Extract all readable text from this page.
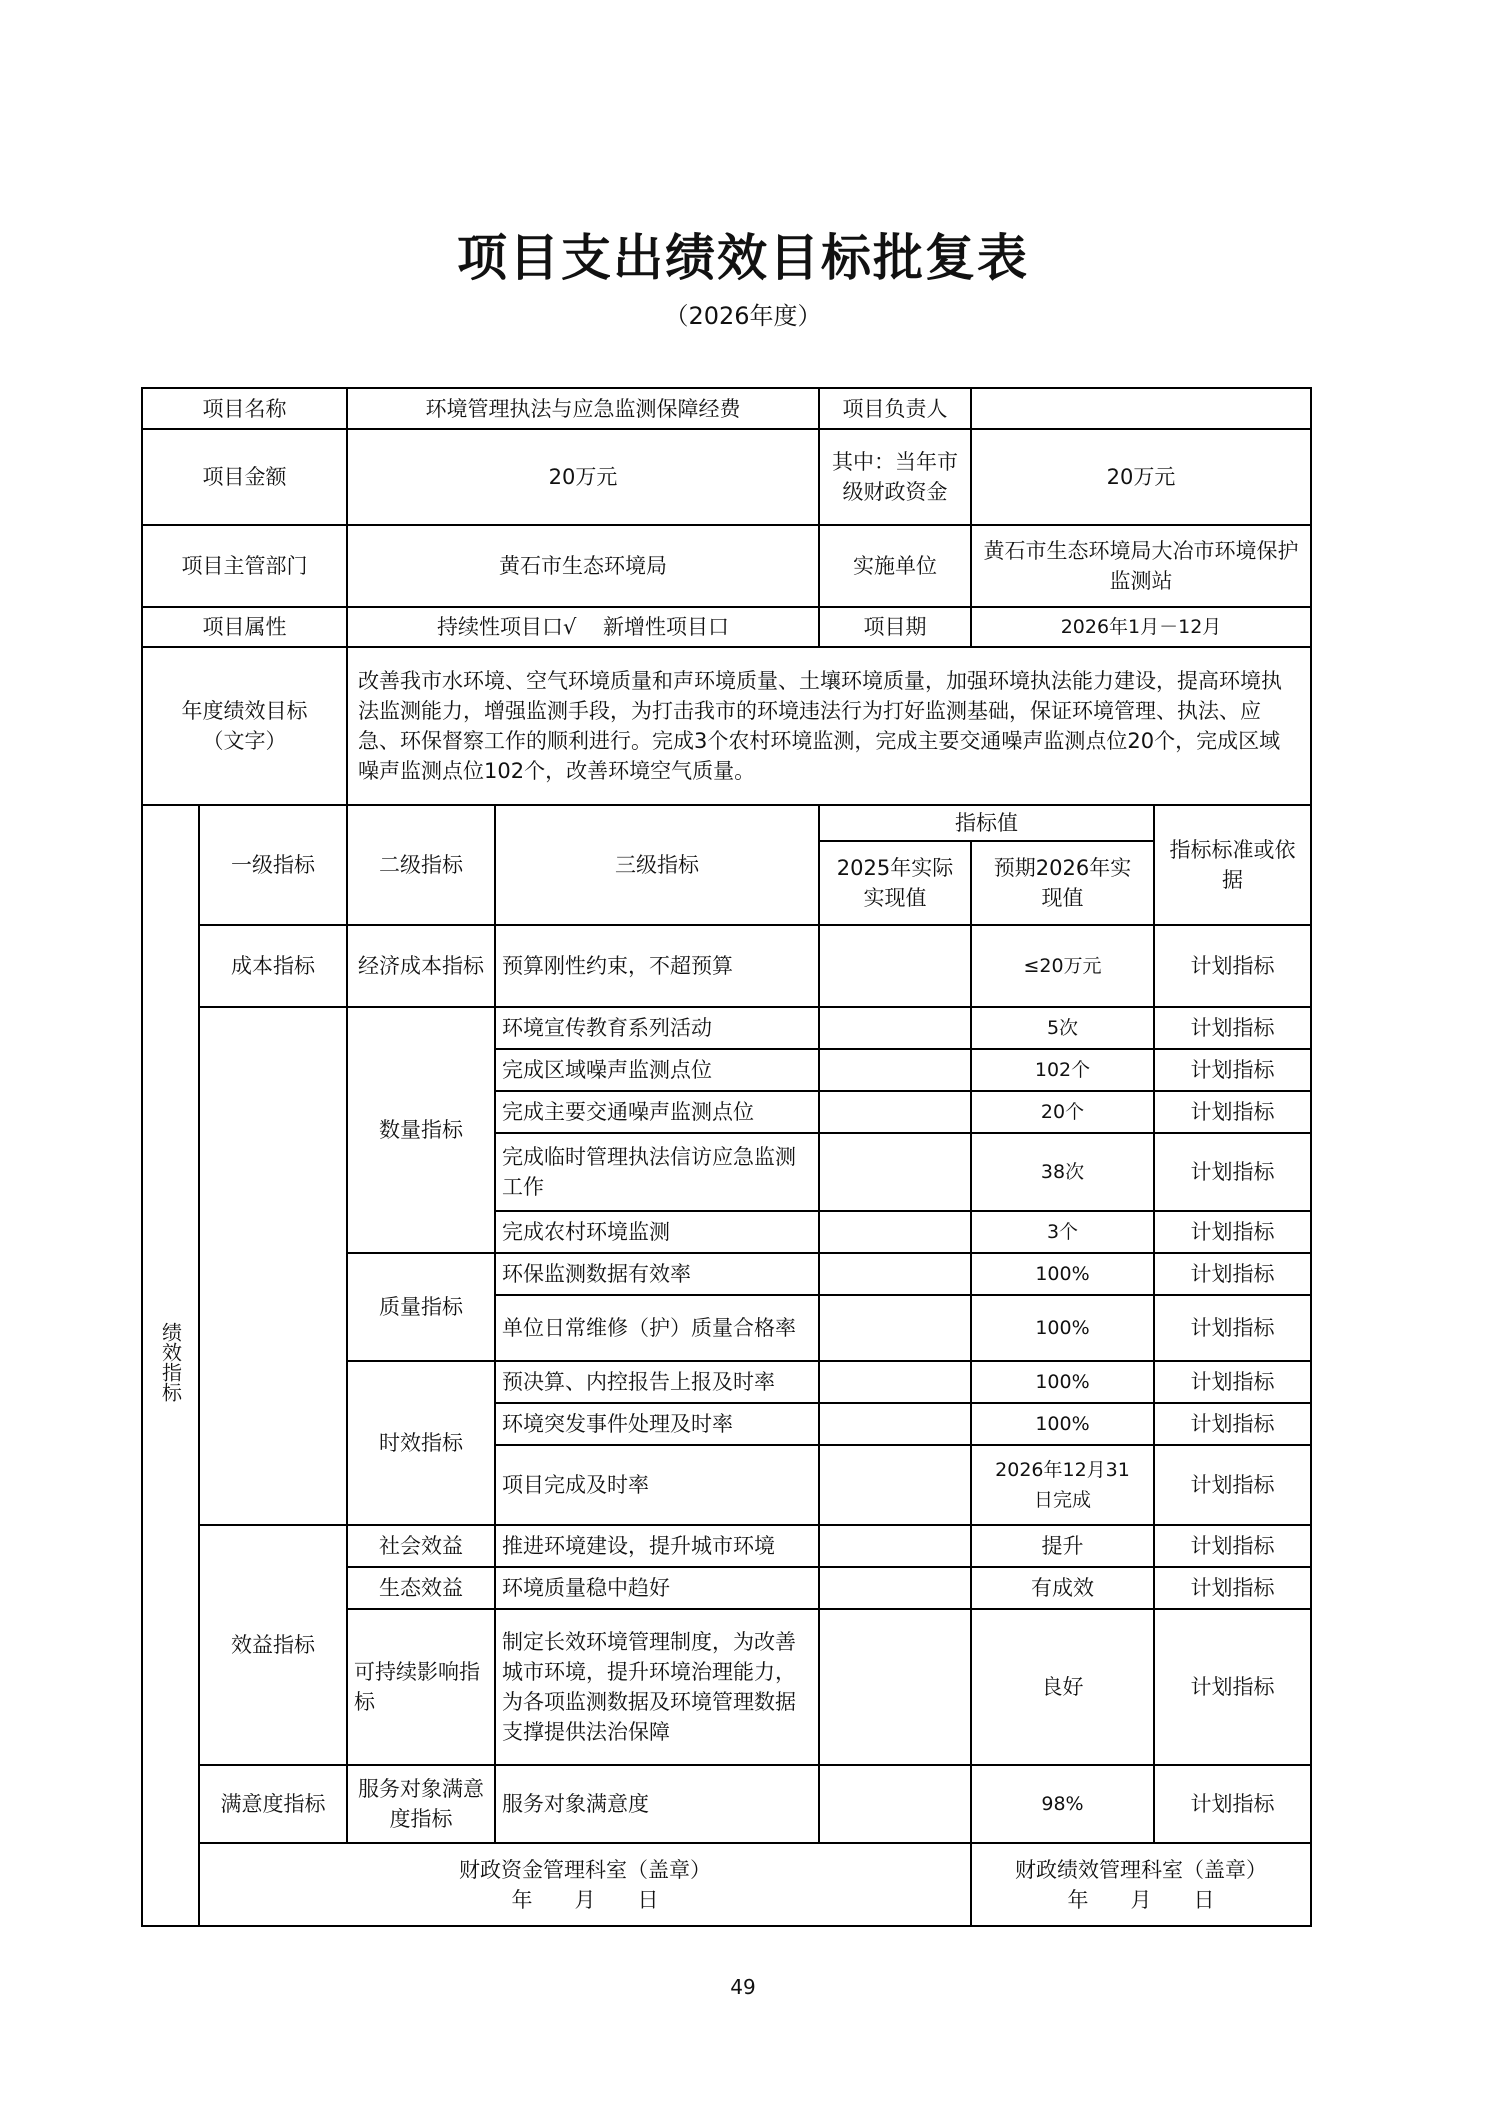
项目支出绩效目标批复表
（2026年度）
项目名称		环境管理执法与应急监测保障经费		项目负责人		
项目金额		20万元		其中：当年市级财政资金	20万元	
项目主管部门		黄石市生态环境局		实施单位	黄石市生态环境局大冶市环境保护监测站	
项目属性		持续性项目口√    新增性项目口		项目期	2026年1月－12月	
年度绩效目标（文字）		改善我市水环境、空气环境质量和声环境质量、土壤环境质量，加强环境执法能力建设，提高环境执法监测能力，增强监测手段，为打击我市的环境违法行为打好监测基础，保证环境管理、执法、应急、环保督察工作的顺利进行。完成3个农村环境监测，完成主要交通噪声监测点位20个，完成区域噪声监测点位102个，改善环境空气质量。				
绩效指标	一级指标	二级指标	三级指标	指标值		指标标准或依据
				2025年实际实现值	预期2026年实现值	
	成本指标	经济成本指标	预算刚性约束，不超预算		≤20万元	计划指标
		数量指标	环境宣传教育系列活动		5次	计划指标
			完成区域噪声监测点位		102个	计划指标
			完成主要交通噪声监测点位		20个	计划指标
			完成临时管理执法信访应急监测工作		38次	计划指标
			完成农村环境监测		3个	计划指标
		质量指标	环保监测数据有效率		100%	计划指标
			单位日常维修（护）质量合格率		100%	计划指标
		时效指标	预决算、内控报告上报及时率		100%	计划指标
			环境突发事件处理及时率		100%	计划指标
			项目完成及时率		2026年12月31日完成	计划指标
	效益指标	社会效益	推进环境建设，提升城市环境		提升	计划指标
		生态效益	环境质量稳中趋好		有成效	计划指标
		可持续影响指标	制定长效环境管理制度，为改善城市环境，提升环境治理能力，为各项监测数据及环境管理数据支撑提供法治保障		良好	计划指标
	满意度指标	服务对象满意度指标	服务对象满意度		98%	计划指标

	财政资金管理科室（盖章）
年　　月　　日				财政绩效管理科室（盖章）
年　　月　　日	
49
